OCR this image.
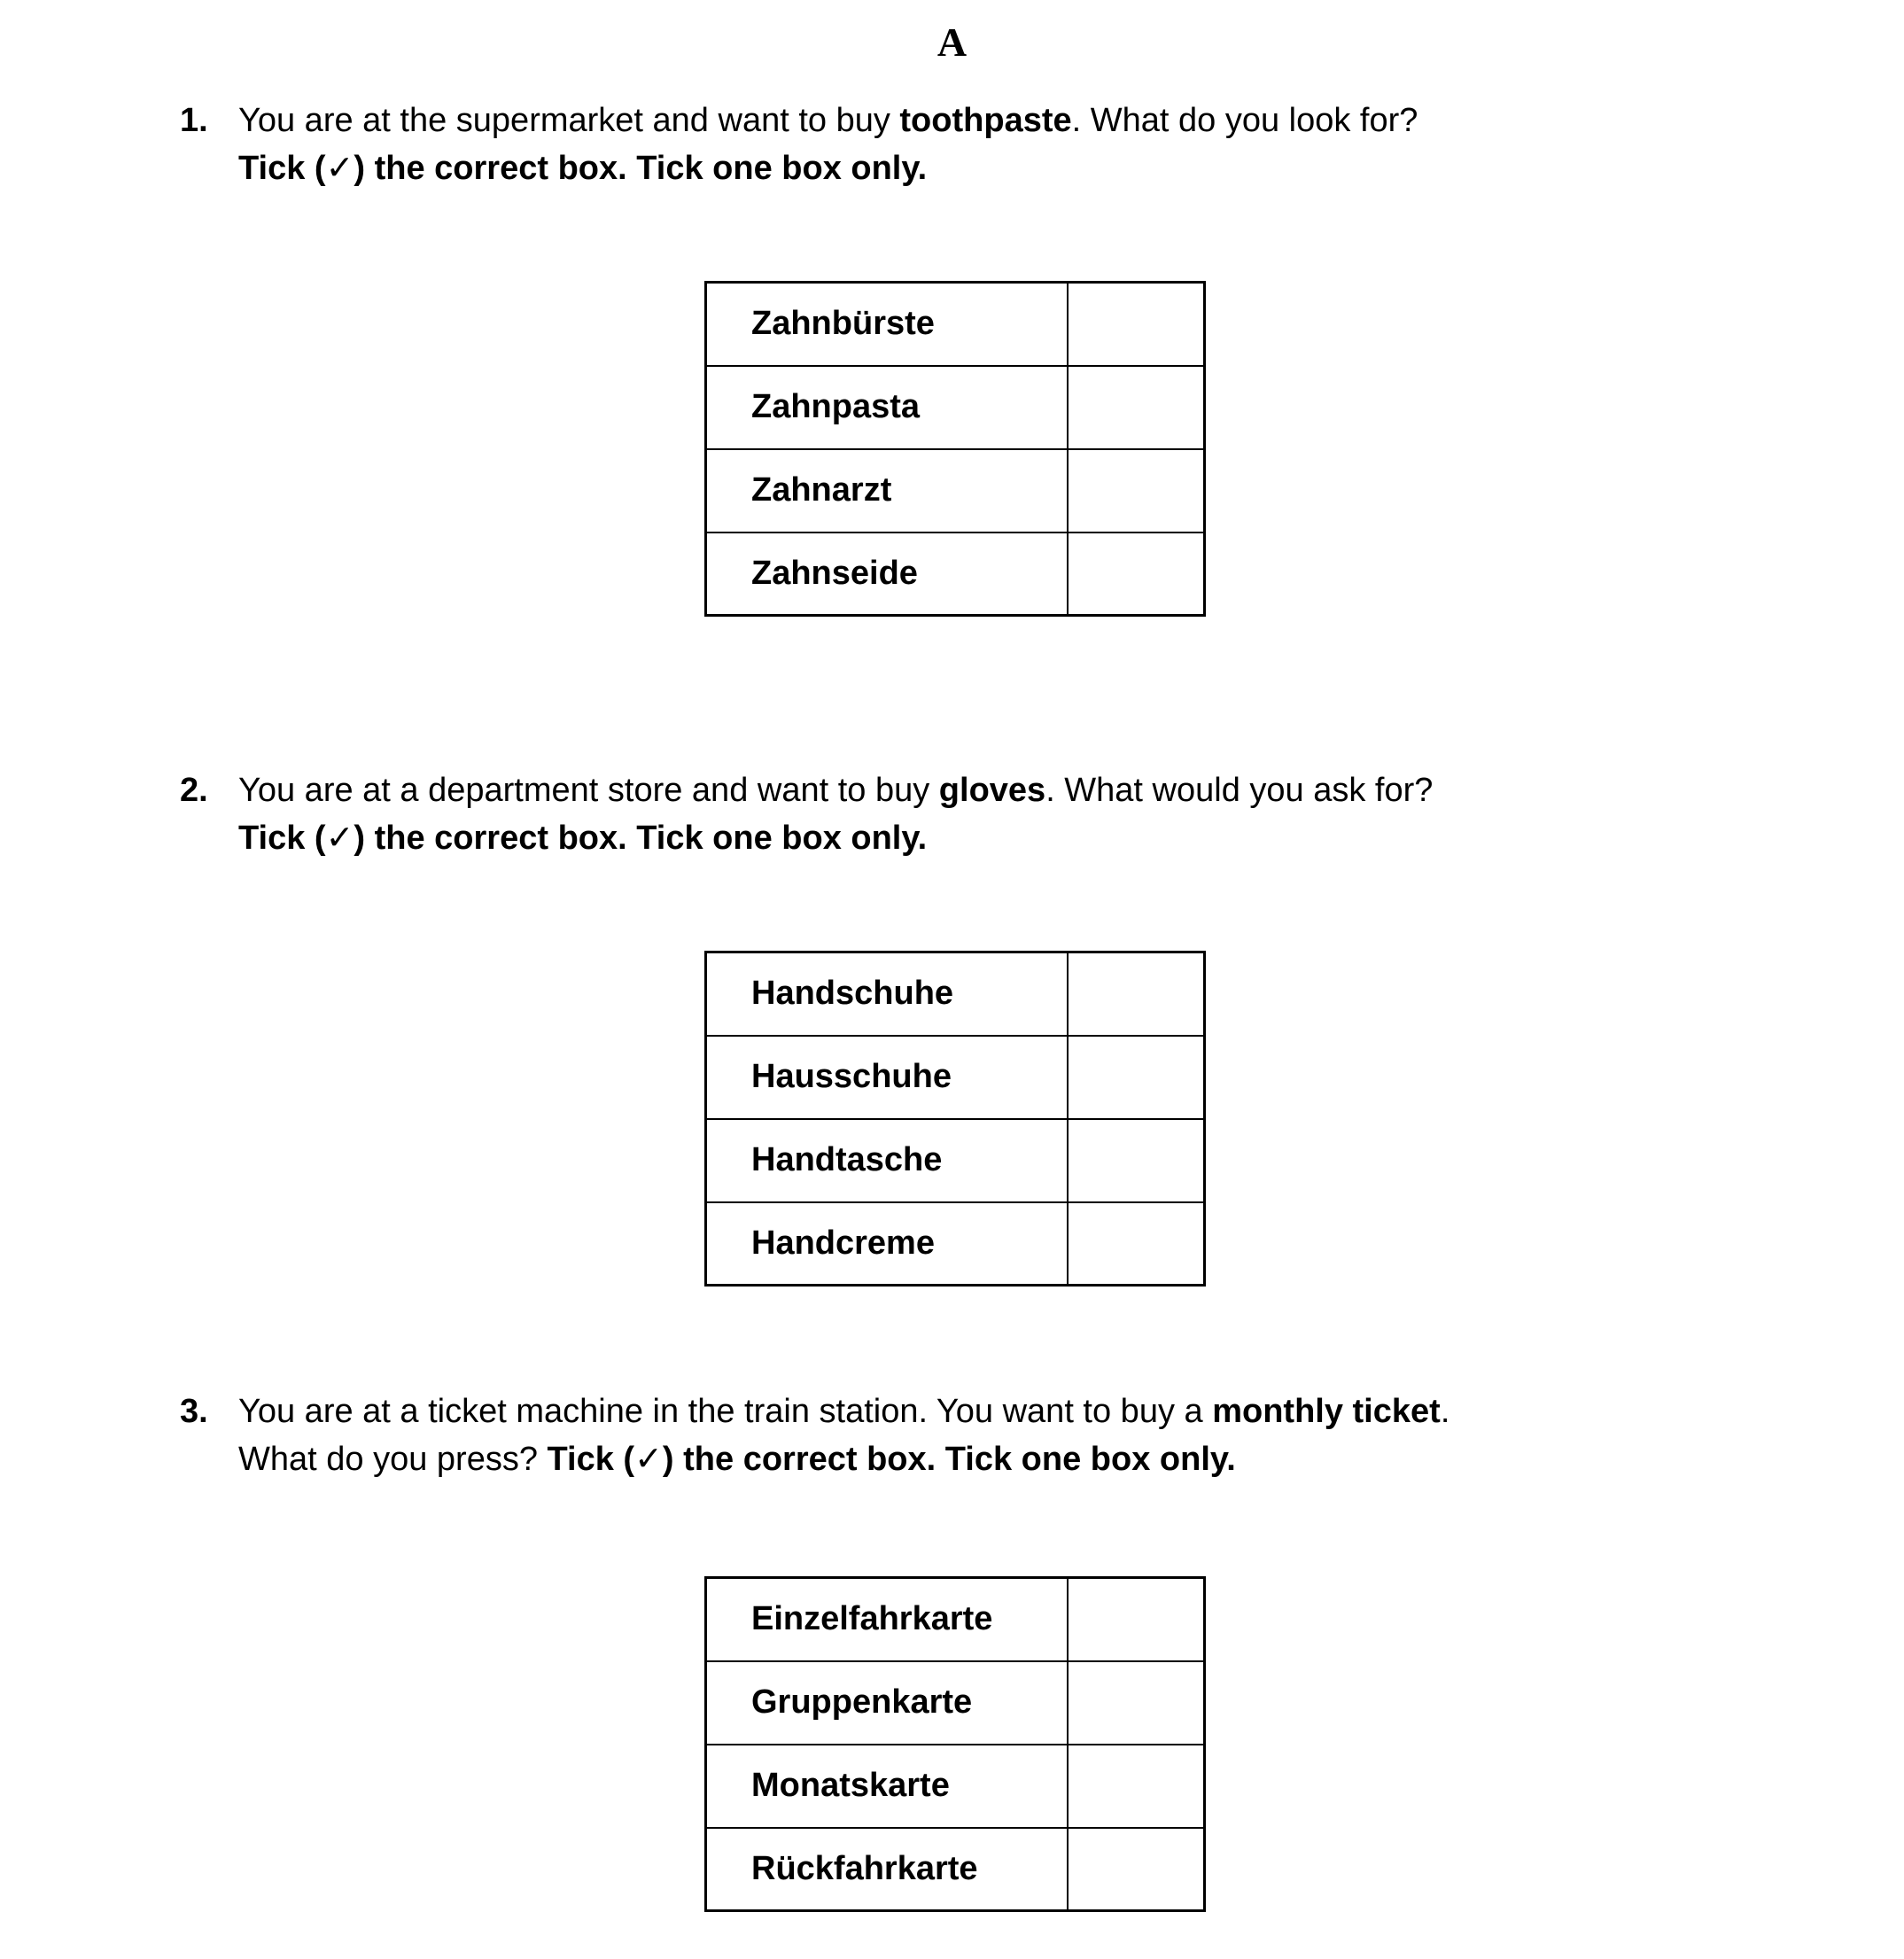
A
1. You are at the supermarket and want to buy toothpaste. What do you look for?
Tick (✓) the correct box. Tick one box only.
Zahnbürste	
Zahnpasta	
Zahnarzt	
Zahnseide	
2. You are at a department store and want to buy gloves. What would you ask for?
Tick (✓) the correct box. Tick one box only.
Handschuhe	
Hausschuhe	
Handtasche	
Handcreme	
3. You are at a ticket machine in the train station. You want to buy a monthly ticket.
What do you press? Tick (✓) the correct box. Tick one box only.
Einzelfahrkarte	
Gruppenkarte	
Monatskarte	
Rückfahrkarte	
